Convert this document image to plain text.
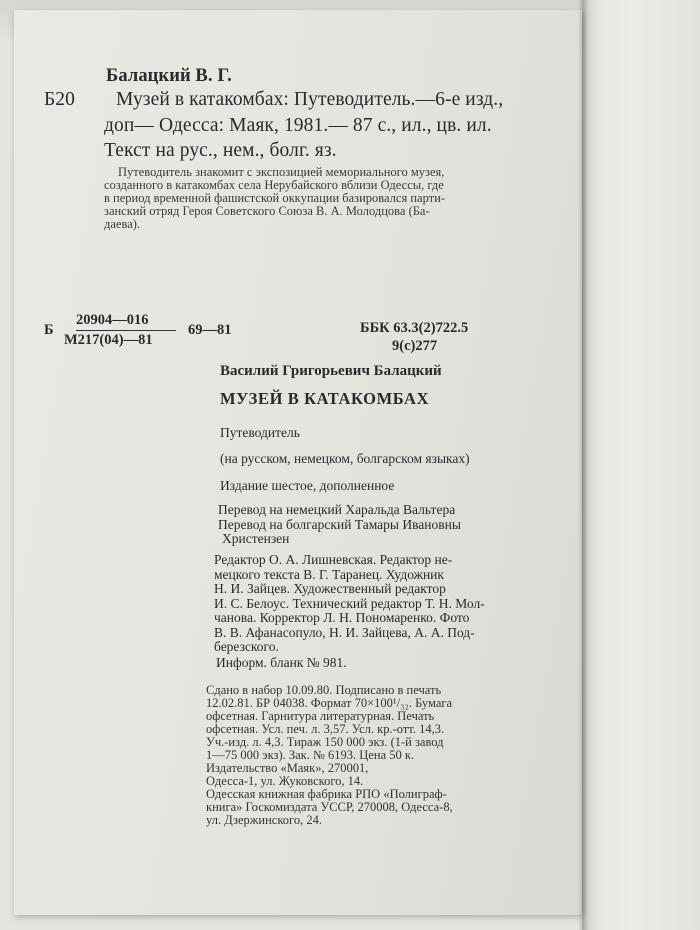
Балацкий В. Г.
Б20 Музей в катакомбах: Путеводитель.—6-е изд.,
доп— Одесса: Маяк, 1981.— 87 с., ил., цв. ил.
Текст на рус., нем., болг. яз.
Путеводитель знакомит с экспозицией мемориального музея,
созданного в катакомбах села Нерубайского вблизи Одессы, где
в период временной фашистской оккупации базировался парти-
занский отряд Героя Советского Союза В. А. Молодцова (Ба-
даева).
Б
20904—016
М217(04)—81
69—81	ББК 63.3(2)722.5
9(с)277
Василий Григорьевич Балацкий
МУЗЕЙ В КАТАКОМБАХ
Путеводитель
(на русском, немецком, болгарском языках)
Издание шестое, дополненное
Перевод на немецкий Харальда Вальтера
Перевод на болгарский Тамары Ивановны
Христензен
Редактор О. А. Лишневская. Редактор не-
мецкого текста В. Г. Таранец. Художник
Н. И. Зайцев. Художественный редактор
И. С. Белоус. Технический редактор Т. Н. Мол-
чанова. Корректор Л. Н. Пономаренко. Фото
В. В. Афанасопуло, Н. И. Зайцева, А. А. Под-
березского.
Информ. бланк № 981.
Сдано в набор 10.09.80. Подписано в печать
12.02.81. БР 04038. Формат 70×100¹/₃₂. Бумага
офсетная. Гарнитура литературная. Печать
офсетная. Усл. печ. л. 3,57. Усл. кр.-отт. 14,3.
Уч.-изд. л. 4,3. Тираж 150 000 экз. (1-й завод
1—75 000 экз). Зак. № 6193. Цена 50 к.
Издательство «Маяк», 270001,
Одесса-1, ул. Жуковского, 14.
Одесская книжная фабрика РПО «Полиграф-
книга» Госкомиздата УССР, 270008, Одесса-8,
ул. Дзержинского, 24.
